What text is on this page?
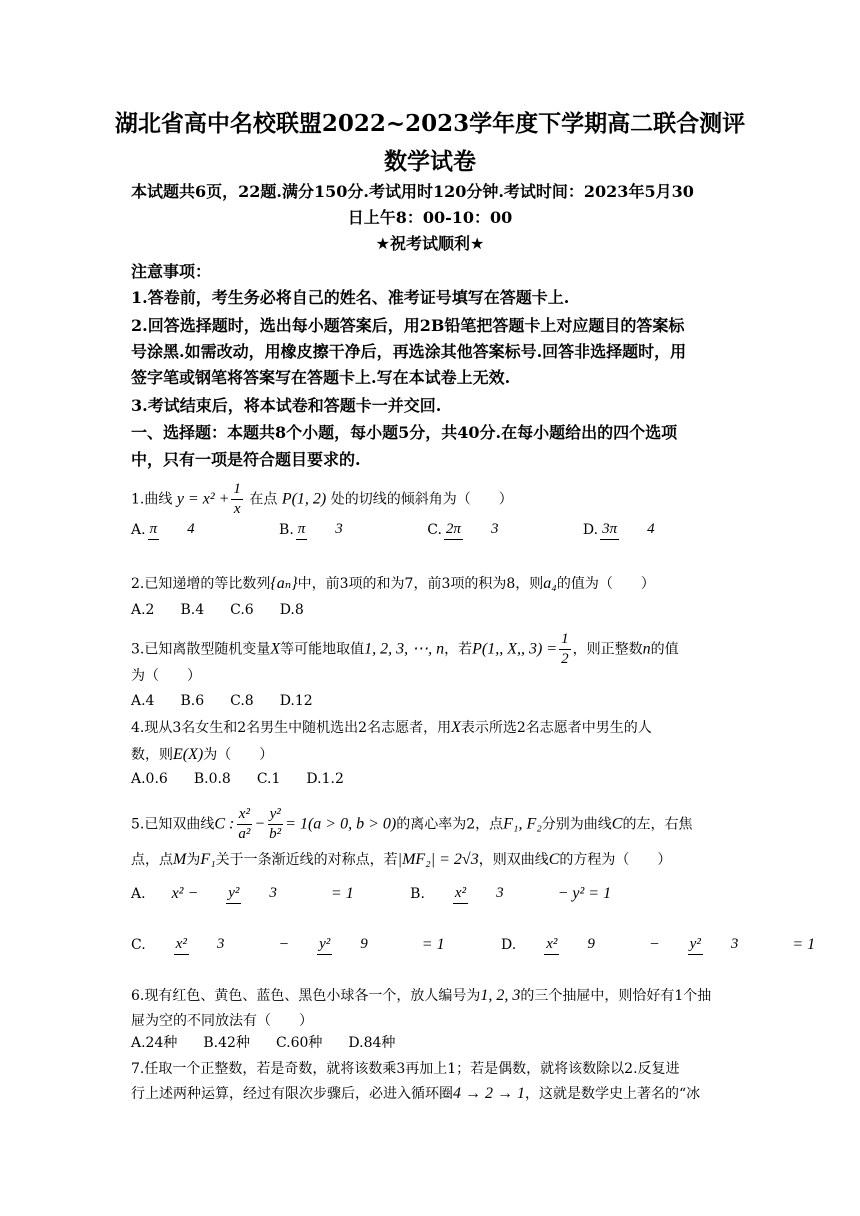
湖北省高中名校联盟2022~2023学年度下学期高二联合测评
数学试卷
本试题共6页，22题.满分150分.考试用时120分钟.考试时间：2023年5月30
日上午8：00-10：00
★祝考试顺利★
注意事项：
1.答卷前，考生务必将自己的姓名、准考证号填写在答题卡上.
2.回答选择题时，选出每小题答案后，用2B铅笔把答题卡上对应题目的答案标
号涂黑.如需改动，用橡皮擦干净后，再选涂其他答案标号.回答非选择题时，用
签字笔或钢笔将答案写在答题卡上.写在本试卷上无效.
3.考试结束后，将本试卷和答题卡一并交回.
一、选择题：本题共8个小题，每小题5分，共40分.在每小题给出的四个选项
中，只有一项是符合题目要求的.
1.曲线 $y = x^2 + \frac{1}{x}$ 在点 P(1, 2) 处的切线的倾斜角为（　　）
A. π 4	B. π 3	C. 2π 3	D. 3π 4
2.已知递增的等比数列{aₙ}中，前3项的和为7，前3项的积为8，则a₄的值为（　　）
A.2 B.4 C.6 D.8
3.已知离散型随机变量X等可能地取值1, 2, 3, ⋯, n，若P(1,, X,, $3) = \frac{1}{2}$ ，则正整数n的值
为（　　）
A.4 B.6 C.8 D.12
4.现从3名女生和2名男生中随机选出2名志愿者，用X表示所选2名志愿者中男生的人
数，则E(X)为（　　）
A.0.6 B.0.8 C.1 D.1.2
5.已知双曲线C : $\frac{\text{x²}}{\text{a²}} - \frac{\text{y²}}{\text{b²}} = 1(a > 0$, b > 0)的离心率为2，点F₁, F₂分别为曲线C的左，右焦
点，点M为F₁关于一条渐近线的对称点，若|MF₂| = 2√3，则双曲线C的方程为（　　）
A. x² − y² 3	= 1	B. x² 3	− y² = 1
C. x² 3	− y² 9	= 1	D. x² 9	− y² 3	= 1
6.现有红色、黄色、蓝色、黑色小球各一个，放人编号为1, 2, 3的三个抽屉中，则恰好有1个抽
屉为空的不同放法有（　　）
A.24种 B.42种 C.60种 D.84种
7.任取一个正整数，若是奇数，就将该数乘3再加上1；若是偶数，就将该数除以2.反复进
行上述两种运算，经过有限次步骤后，必进入循环圈4 → 2 → 1，这就是数学史上著名的“冰
